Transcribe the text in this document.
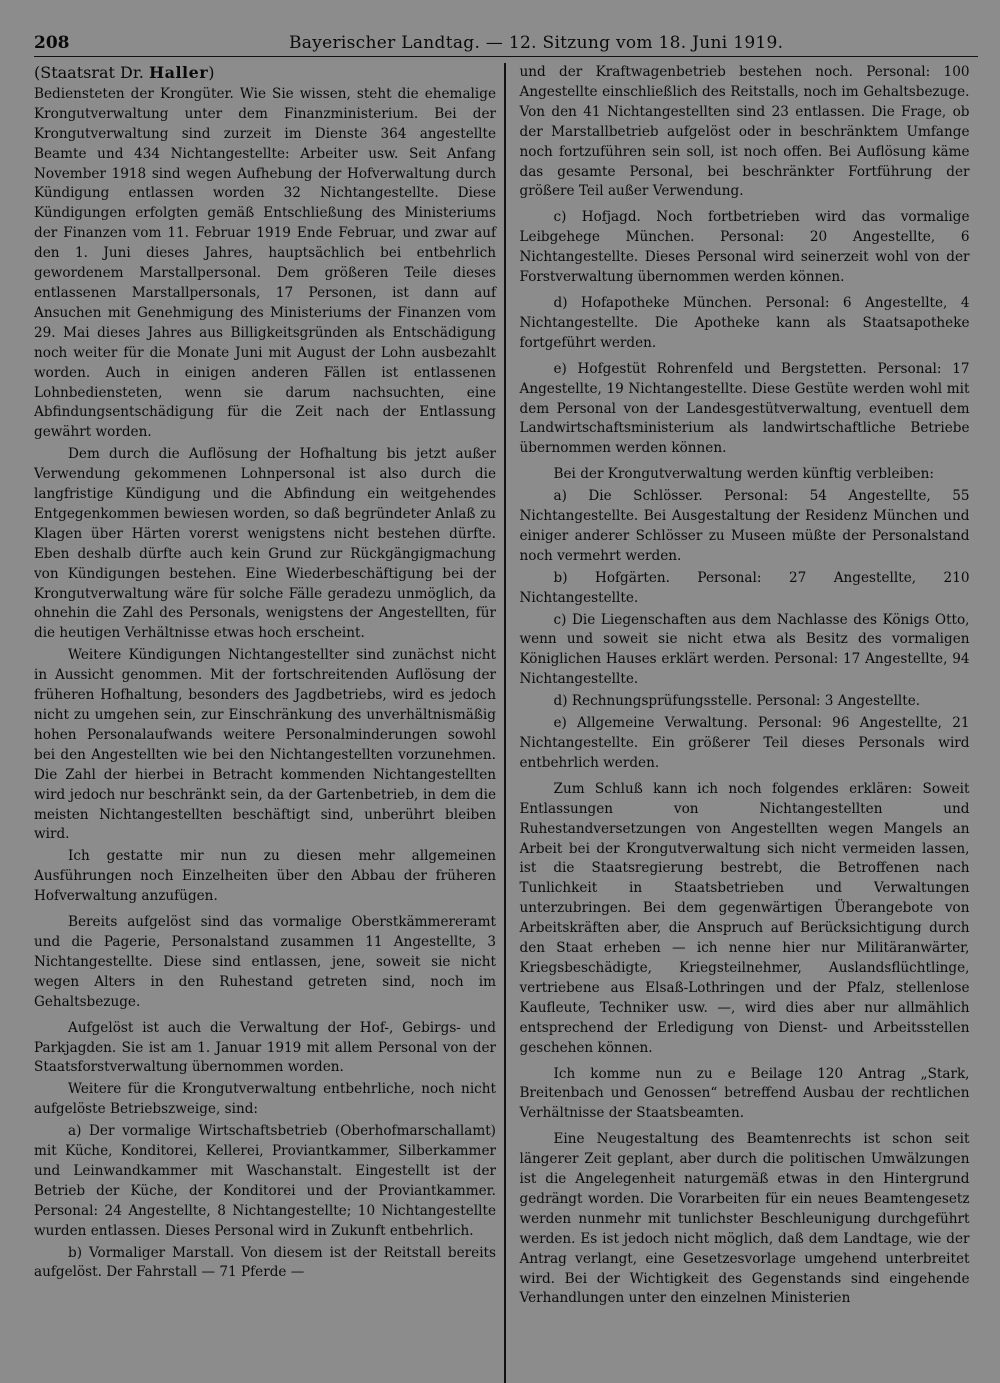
208	Bayerischer Landtag. — 12. Sitzung vom 18. Juni 1919.

(Staatsrat Dr. Haller)

Bediensteten der Krongüter. Wie Sie wissen, steht die ehemalige Krongutverwaltung unter dem Finanzministerium. Bei der Krongutverwaltung sind zurzeit im Dienste 364 angestellte Beamte und 434 Nichtangestellte: Arbeiter usw. Seit Anfang November 1918 sind wegen Aufhebung der Hofverwaltung durch Kündigung entlassen worden 32 Nichtangestellte. Diese Kündigungen erfolgten gemäß Entschließung des Ministeriums der Finanzen vom 11. Februar 1919 Ende Februar, und zwar auf den 1. Juni dieses Jahres, hauptsächlich bei entbehrlich gewordenem Marstallpersonal. Dem größeren Teile dieses entlassenen Marstallpersonals, 17 Personen, ist dann auf Ansuchen mit Genehmigung des Ministeriums der Finanzen vom 29. Mai dieses Jahres aus Billigkeitsgründen als Entschädigung noch weiter für die Monate Juni mit August der Lohn ausbezahlt worden. Auch in einigen anderen Fällen ist entlassenen Lohnbediensteten, wenn sie darum nachsuchten, eine Abfindungsentschädigung für die Zeit nach der Entlassung gewährt worden.

Dem durch die Auflösung der Hofhaltung bis jetzt außer Verwendung gekommenen Lohnpersonal ist also durch die langfristige Kündigung und die Abfindung ein weitgehendes Entgegenkommen bewiesen worden, so daß begründeter Anlaß zu Klagen über Härten vorerst wenigstens nicht bestehen dürfte. Eben deshalb dürfte auch kein Grund zur Rückgängigmachung von Kündigungen bestehen. Eine Wiederbeschäftigung bei der Krongutverwaltung wäre für solche Fälle geradezu unmöglich, da ohnehin die Zahl des Personals, wenigstens der Angestellten, für die heutigen Verhältnisse etwas hoch erscheint.

Weitere Kündigungen Nichtangestellter sind zunächst nicht in Aussicht genommen. Mit der fortschreitenden Auflösung der früheren Hofhaltung, besonders des Jagdbetriebs, wird es jedoch nicht zu umgehen sein, zur Einschränkung des unverhältnismäßig hohen Personalaufwands weitere Personalminderungen sowohl bei den Angestellten wie bei den Nichtangestellten vorzunehmen. Die Zahl der hierbei in Betracht kommenden Nichtangestellten wird jedoch nur beschränkt sein, da der Gartenbetrieb, in dem die meisten Nichtangestellten beschäftigt sind, unberührt bleiben wird.

Ich gestatte mir nun zu diesen mehr allgemeinen Ausführungen noch Einzelheiten über den Abbau der früheren Hofverwaltung anzufügen.

Bereits aufgelöst sind das vormalige Oberstkämmereramt und die Pagerie, Personalstand zusammen 11 Angestellte, 3 Nichtangestellte. Diese sind entlassen, jene, soweit sie nicht wegen Alters in den Ruhestand getreten sind, noch im Gehaltsbezuge.

Aufgelöst ist auch die Verwaltung der Hof-, Gebirgs- und Parkjagden. Sie ist am 1. Januar 1919 mit allem Personal von der Staatsforstverwaltung übernommen worden.

Weitere für die Krongutverwaltung entbehrliche, noch nicht aufgelöste Betriebszweige, sind:

a) Der vormalige Wirtschaftsbetrieb (Oberhofmarschallamt) mit Küche, Konditorei, Kellerei, Proviantkammer, Silberkammer und Leinwandkammer mit Waschanstalt. Eingestellt ist der Betrieb der Küche, der Konditorei und der Proviantkammer. Personal: 24 Angestellte, 8 Nichtangestellte; 10 Nichtangestellte wurden entlassen. Dieses Personal wird in Zukunft entbehrlich.

b) Vormaliger Marstall. Von diesem ist der Reitstall bereits aufgelöst. Der Fahrstall — 71 Pferde —

und der Kraftwagenbetrieb bestehen noch. Personal: 100 Angestellte einschließlich des Reitstalls, noch im Gehaltsbezuge. Von den 41 Nichtangestellten sind 23 entlassen. Die Frage, ob der Marstallbetrieb aufgelöst oder in beschränktem Umfange noch fortzuführen sein soll, ist noch offen. Bei Auflösung käme das gesamte Personal, bei beschränkter Fortführung der größere Teil außer Verwendung.

c) Hofjagd. Noch fortbetrieben wird das vormalige Leibgehege München. Personal: 20 Angestellte, 6 Nichtangestellte. Dieses Personal wird seinerzeit wohl von der Forstverwaltung übernommen werden können.

d) Hofapotheke München. Personal: 6 Angestellte, 4 Nichtangestellte. Die Apotheke kann als Staatsapotheke fortgeführt werden.

e) Hofgestüt Rohrenfeld und Bergstetten. Personal: 17 Angestellte, 19 Nichtangestellte. Diese Gestüte werden wohl mit dem Personal von der Landesgestütverwaltung, eventuell dem Landwirtschaftsministerium als landwirtschaftliche Betriebe übernommen werden können.

Bei der Krongutverwaltung werden künftig verbleiben:

a) Die Schlösser. Personal: 54 Angestellte, 55 Nichtangestellte. Bei Ausgestaltung der Residenz München und einiger anderer Schlösser zu Museen müßte der Personalstand noch vermehrt werden.

b) Hofgärten. Personal: 27 Angestellte, 210 Nichtangestellte.

c) Die Liegenschaften aus dem Nachlasse des Königs Otto, wenn und soweit sie nicht etwa als Besitz des vormaligen Königlichen Hauses erklärt werden. Personal: 17 Angestellte, 94 Nichtangestellte.

d) Rechnungsprüfungsstelle. Personal: 3 Angestellte.

e) Allgemeine Verwaltung. Personal: 96 Angestellte, 21 Nichtangestellte. Ein größerer Teil dieses Personals wird entbehrlich werden.

Zum Schluß kann ich noch folgendes erklären: Soweit Entlassungen von Nichtangestellten und Ruhestandversetzungen von Angestellten wegen Mangels an Arbeit bei der Krongutverwaltung sich nicht vermeiden lassen, ist die Staatsregierung bestrebt, die Betroffenen nach Tunlichkeit in Staatsbetrieben und Verwaltungen unterzubringen. Bei dem gegenwärtigen Überangebote von Arbeitskräften aber, die Anspruch auf Berücksichtigung durch den Staat erheben — ich nenne hier nur Militäranwärter, Kriegsbeschädigte, Kriegsteilnehmer, Auslandsflüchtlinge, vertriebene aus Elsaß-Lothringen und der Pfalz, stellenlose Kaufleute, Techniker usw. —, wird dies aber nur allmählich entsprechend der Erledigung von Dienst- und Arbeitsstellen geschehen können.

Ich komme nun zu e Beilage 120 Antrag „Stark, Breitenbach und Genossen“ betreffend Ausbau der rechtlichen Verhältnisse der Staatsbeamten.

Eine Neugestaltung des Beamtenrechts ist schon seit längerer Zeit geplant, aber durch die politischen Umwälzungen ist die Angelegenheit naturgemäß etwas in den Hintergrund gedrängt worden. Die Vorarbeiten für ein neues Beamtengesetz werden nunmehr mit tunlichster Beschleunigung durchgeführt werden. Es ist jedoch nicht möglich, daß dem Landtage, wie der Antrag verlangt, eine Gesetzesvorlage umgehend unterbreitet wird. Bei der Wichtigkeit des Gegenstands sind eingehende Verhandlungen unter den einzelnen Ministerien
